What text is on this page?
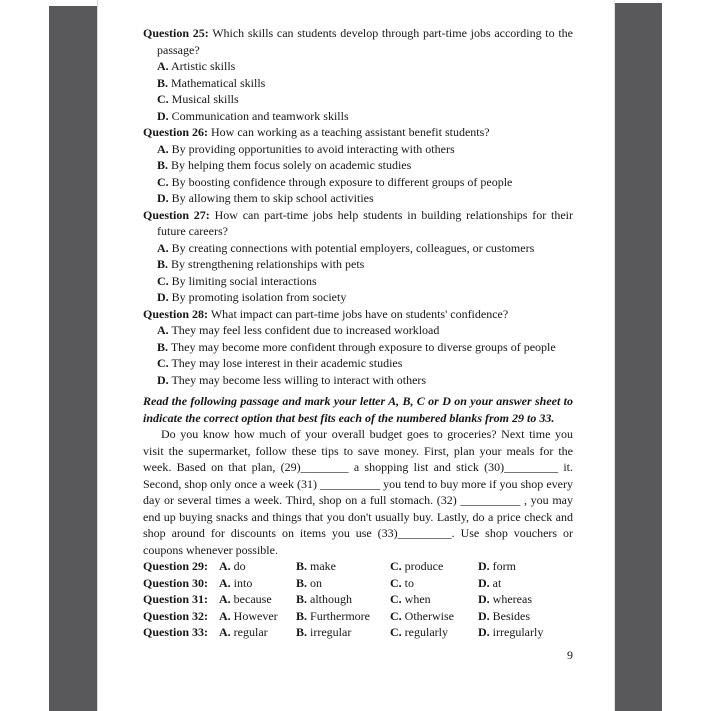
Question 25: Which skills can students develop through part-time jobs according to the passage?
A. Artistic skills
B. Mathematical skills
C. Musical skills
D. Communication and teamwork skills
Question 26: How can working as a teaching assistant benefit students?
A. By providing opportunities to avoid interacting with others
B. By helping them focus solely on academic studies
C. By boosting confidence through exposure to different groups of people
D. By allowing them to skip school activities
Question 27: How can part-time jobs help students in building relationships for their future careers?
A. By creating connections with potential employers, colleagues, or customers
B. By strengthening relationships with pets
C. By limiting social interactions
D. By promoting isolation from society
Question 28: What impact can part-time jobs have on students' confidence?
A. They may feel less confident due to increased workload
B. They may become more confident through exposure to diverse groups of people
C. They may lose interest in their academic studies
D. They may become less willing to interact with others
Read the following passage and mark your letter A, B, C or D on your answer sheet to indicate the correct option that best fits each of the numbered blanks from 29 to 33.
Do you know how much of your overall budget goes to groceries? Next time you visit the supermarket, follow these tips to save money. First, plan your meals for the week. Based on that plan, (29)________ a shopping list and stick (30)_________ it. Second, shop only once a week (31) __________ you tend to buy more if you shop every day or several times a week. Third, shop on a full stomach. (32) __________ , you may end up buying snacks and things that you don't usually buy. Lastly, do a price check and shop around for discounts on items you use (33)_________. Use shop vouchers or coupons whenever possible.
Question 29: A. do	B. make	C. produce	D. form
Question 30: A. into	B. on	C. to	D. at
Question 31: A. because	B. although	C. when	D. whereas
Question 32: A. However	B. Furthermore	C. Otherwise	D. Besides
Question 33: A. regular	B. irregular	C. regularly	D. irregularly
9
